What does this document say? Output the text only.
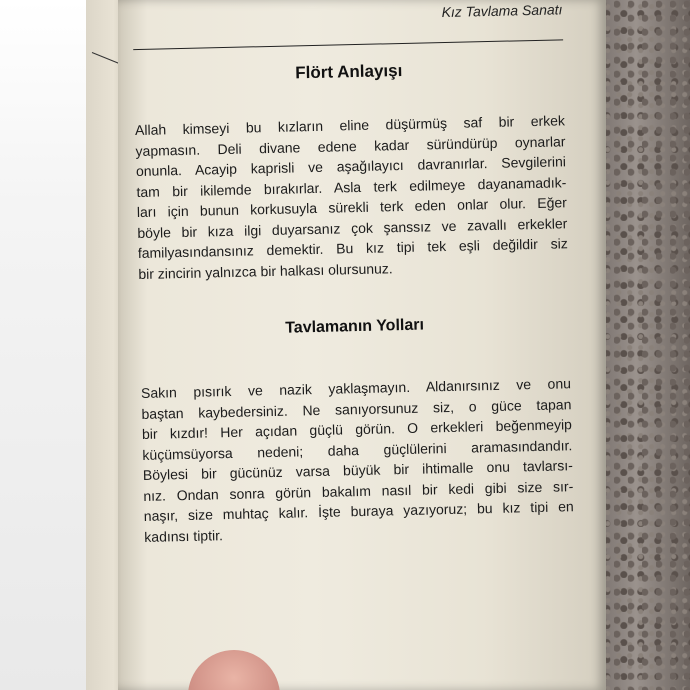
Kız Tavlama Sanatı
Flört Anlayışı

Allah kimseyi bu kızların eline düşürmüş saf bir erkek
yapmasın. Deli divane edene kadar süründürüp oynarlar
onunla. Acayip kaprisli ve aşağılayıcı davranırlar. Sevgilerini
tam bir ikilemde bırakırlar. Asla terk edilmeye dayanamadık-
ları için bunun korkusuyla sürekli terk eden onlar olur. Eğer
böyle bir kıza ilgi duyarsanız çok şanssız ve zavallı erkekler
familyasındansınız demektir. Bu kız tipi tek eşli değildir siz
bir zincirin yalnızca bir halkası olursunuz.

Tavlamanın Yolları

Sakın pısırık ve nazik yaklaşmayın. Aldanırsınız ve onu
baştan kaybedersiniz. Ne sanıyorsunuz siz, o güce tapan
bir kızdır! Her açıdan güçlü görün. O erkekleri beğenmeyip
küçümsüyorsa nedeni; daha güçlülerini aramasındandır.
Böylesi bir gücünüz varsa büyük bir ihtimalle onu tavlarsı-
nız. Ondan sonra görün bakalım nasıl bir kedi gibi size sır-
naşır, size muhtaç kalır. İşte buraya yazıyoruz; bu kız tipi en
kadınsı tiptir.
